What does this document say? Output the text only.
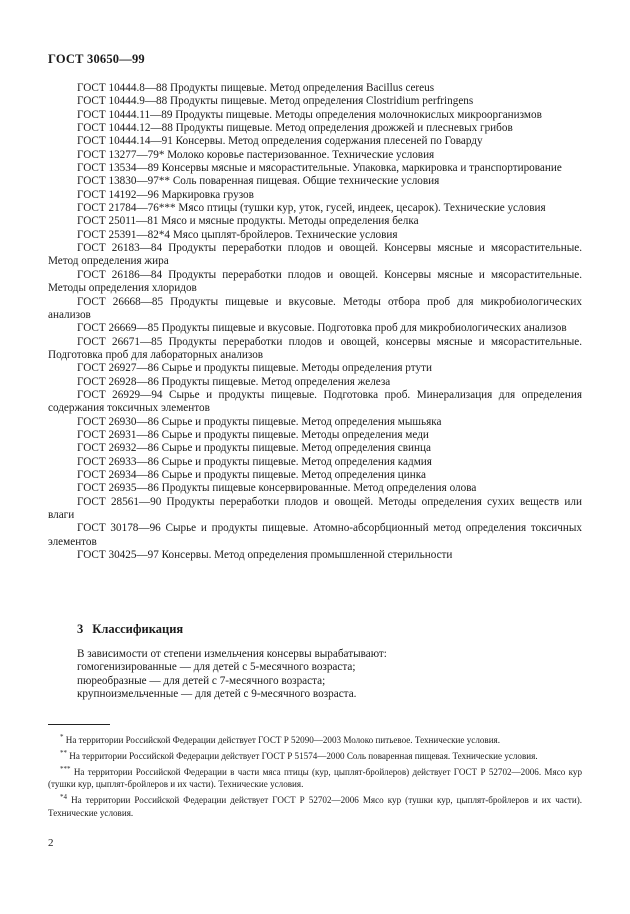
ГОСТ 30650—99

ГОСТ 10444.8—88 Продукты пищевые. Метод определения Bacillus cereus

ГОСТ 10444.9—88 Продукты пищевые. Метод определения Clostridium perfringens

ГОСТ 10444.11—89 Продукты пищевые. Методы определения молочнокислых микроорганизмов

ГОСТ 10444.12—88 Продукты пищевые. Метод определения дрожжей и плесневых грибов

ГОСТ 10444.14—91 Консервы. Метод определения содержания плесеней по Говарду

ГОСТ 13277—79* Молоко коровье пастеризованное. Технические условия

ГОСТ 13534—89 Консервы мясные и мясорастительные. Упаковка, маркировка и транспортирование

ГОСТ 13830—97** Соль поваренная пищевая. Общие технические условия

ГОСТ 14192—96 Маркировка грузов

ГОСТ 21784—76*** Мясо птицы (тушки кур, уток, гусей, индеек, цесарок). Технические условия

ГОСТ 25011—81 Мясо и мясные продукты. Методы определения белка

ГОСТ 25391—82*4 Мясо цыплят-бройлеров. Технические условия

ГОСТ 26183—84 Продукты переработки плодов и овощей. Консервы мясные и мясорастительные. Метод определения жира

ГОСТ 26186—84 Продукты переработки плодов и овощей. Консервы мясные и мясорастительные. Методы определения хлоридов

ГОСТ 26668—85 Продукты пищевые и вкусовые. Методы отбора проб для микробиологических анализов

ГОСТ 26669—85 Продукты пищевые и вкусовые. Подготовка проб для микробиологических анализов

ГОСТ 26671—85 Продукты переработки плодов и овощей, консервы мясные и мясорастительные. Подготовка проб для лабораторных анализов

ГОСТ 26927—86 Сырье и продукты пищевые. Методы определения ртути

ГОСТ 26928—86 Продукты пищевые. Метод определения железа

ГОСТ 26929—94 Сырье и продукты пищевые. Подготовка проб. Минерализация для определения содержания токсичных элементов

ГОСТ 26930—86 Сырье и продукты пищевые. Метод определения мышьяка

ГОСТ 26931—86 Сырье и продукты пищевые. Методы определения меди

ГОСТ 26932—86 Сырье и продукты пищевые. Метод определения свинца

ГОСТ 26933—86 Сырье и продукты пищевые. Метод определения кадмия

ГОСТ 26934—86 Сырье и продукты пищевые. Метод определения цинка

ГОСТ 26935—86 Продукты пищевые консервированные. Метод определения олова

ГОСТ 28561—90 Продукты переработки плодов и овощей. Методы определения сухих веществ или влаги

ГОСТ 30178—96 Сырье и продукты пищевые. Атомно-абсорбционный метод определения токсичных элементов

ГОСТ 30425—97 Консервы. Метод определения промышленной стерильности

3 Классификация

В зависимости от степени измельчения консервы вырабатывают:

гомогенизированные — для детей с 5-месячного возраста;

пюреобразные — для детей с 7-месячного возраста;

крупноизмельченные — для детей с 9-месячного возраста.

* На территории Российской Федерации действует ГОСТ Р 52090—2003 Молоко питьевое. Технические условия.

** На территории Российской Федерации действует ГОСТ Р 51574—2000 Соль поваренная пищевая. Технические условия.

*** На территории Российской Федерации в части мяса птицы (кур, цыплят-бройлеров) действует ГОСТ Р 52702—2006. Мясо кур (тушки кур, цыплят-бройлеров и их части). Технические условия.

$^{*4}$ На территории Российской Федерации действует ГОСТ Р 52702—2006 Мясо кур (тушки кур, цыплят-бройлеров и их части). Технические условия.

2
